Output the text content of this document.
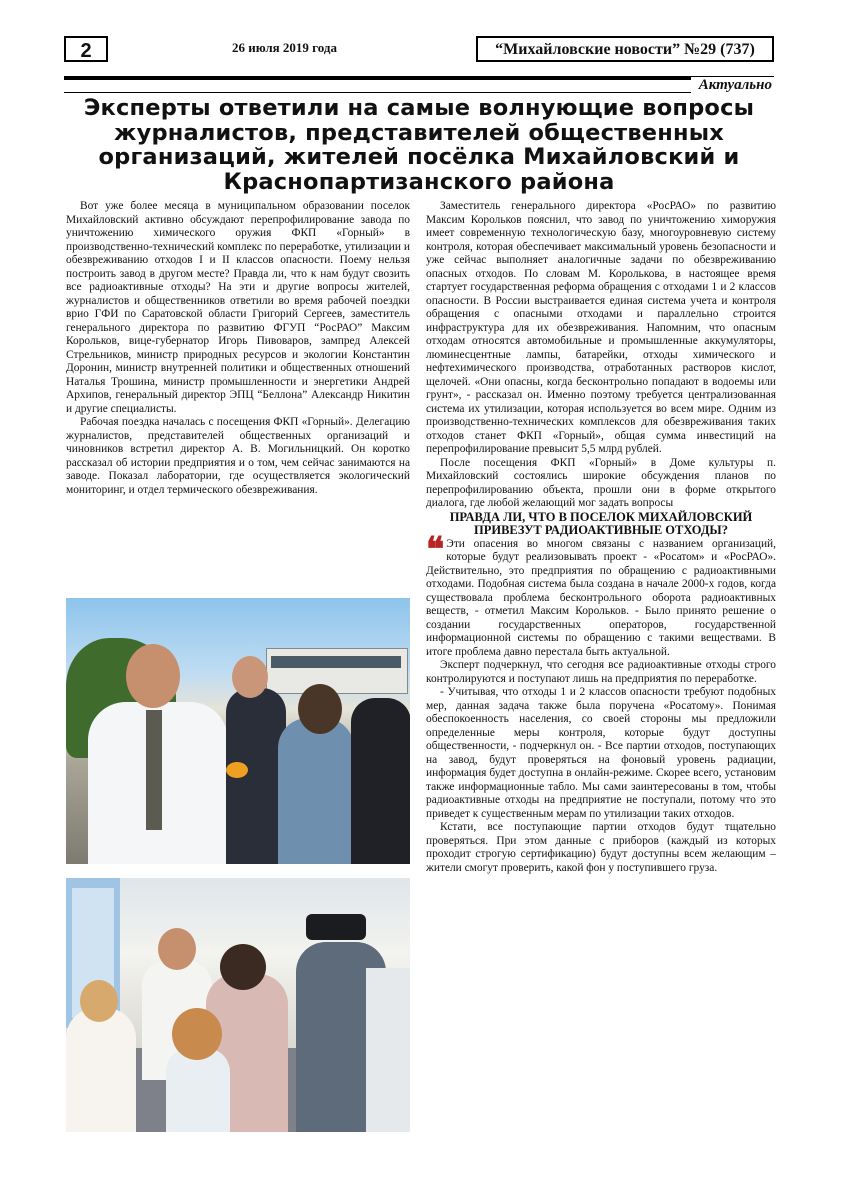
2	26 июля 2019 года	“Михайловские новости” №29 (737)
Актуально
Эксперты ответили на самые волнующие вопросы журналистов, представителей общественных организаций, жителей посёлка Михайловский и Краснопартизанского района

Вот уже более месяца в муниципальном образовании поселок Михайловский активно обсуждают перепрофилирование завода по уничтожению химического оружия ФКП «Горный» в производственно-технический комплекс по переработке, утилизации и обезвреживанию отходов I и II классов опасности. Поему нельзя построить завод в другом месте? Правда ли, что к нам будут свозить все радиоактивные отходы? На эти и другие вопросы жителей, журналистов и общественников ответили во время рабочей поездки врио ГФИ по Саратовской области Григорий Сергеев, заместитель генерального директора по развитию ФГУП “РосРАО” Максим Корольков, вице-губернатор Игорь Пивоваров, зампред Алексей Стрельников, министр природных ресурсов и экологии Константин Доронин, министр внутренней политики и общественных отношений Наталья Трошина, министр промышленности и энергетики Андрей Архипов, генеральный директор ЭПЦ “Беллона” Александр Никитин и другие специалисты.

Рабочая поездка началась с посещения ФКП «Горный». Делегацию журналистов, представителей общественных организаций и чиновников встретил директор А. В. Могильницкий. Он коротко рассказал об истории предприятия и о том, чем сейчас занимаются на заводе. Показал лаборатории, где осуществляется экологический мониторинг, и отдел термического обезвреживания.

Заместитель генерального директора «РосРАО» по развитию Максим Корольков пояснил, что завод по уничтожению химоружия имеет современную технологическую базу, многоуровневую систему контроля, которая обеспечивает максимальный уровень безопасности и уже сейчас выполняет аналогичные задачи по обезвреживанию опасных отходов. По словам М. Королькова, в настоящее время стартует государственная реформа обращения с отходами 1 и 2 классов опасности. В России выстраивается единая система учета и контроля обращения с опасными отходами и параллельно строится инфраструктура для их обезвреживания. Напомним, что опасным отходам относятся автомобильные и промышленные аккумуляторы, люминесцентные лампы, батарейки, отходы химического и нефтехимического производства, отработанных растворов кислот, щелочей. «Они опасны, когда бесконтрольно попадают в водоемы или грунт», - рассказал он. Именно поэтому требуется централизованная система их утилизации, которая используется во всем мире. Одним из производственно-технических комплексов для обезвреживания таких отходов станет ФКП «Горный», общая сумма инвестиций на перепрофилирование превысит 5,5 млрд рублей.

После посещения ФКП «Горный» в Доме культуры п. Михайловский состоялись широкие обсуждения планов по перепрофилированию объекта, прошли они в форме открытого диалога, где любой желающий мог задать вопросы

ПРАВДА ЛИ, ЧТО В ПОСЕЛОК МИХАЙЛОВСКИЙ ПРИВЕЗУТ РАДИОАКТИВНЫЕ ОТХОДЫ?

❝ Эти опасения во многом связаны с названием организаций, которые будут реализовывать проект - «Росатом» и «РосРАО». Действительно, это предприятия по обращению с радиоактивными отходами. Подобная система была создана в начале 2000-х годов, когда существовала проблема бесконтрольного оборота радиоактивных веществ, - отметил Максим Корольков. - Было принято решение о создании государственных операторов, государственной информационной системы по обращению с такими веществами. В итоге проблема давно перестала быть актуальной.

Эксперт подчеркнул, что сегодня все радиоактивные отходы строго контролируются и поступают лишь на предприятия по переработке.

- Учитывая, что отходы 1 и 2 классов опасности требуют подобных мер, данная задача также была поручена «Росатому». Понимая обеспокоенность населения, со своей стороны мы предложили определенные меры контроля, которые будут доступны общественности, - подчеркнул он. - Все партии отходов, поступающих на завод, будут проверяться на фоновый уровень радиации, информация будет доступна в онлайн-режиме. Скорее всего, установим также информационные табло. Мы сами заинтересованы в том, чтобы радиоактивные отходы на предприятие не поступали, потому что это приведет к существенным мерам по утилизации таких отходов.

Кстати, все поступающие партии отходов будут тщательно проверяться. При этом данные с приборов (каждый из которых проходит строгую сертификацию) будут доступны всем желающим – жители смогут проверить, какой фон у поступившего груза.
